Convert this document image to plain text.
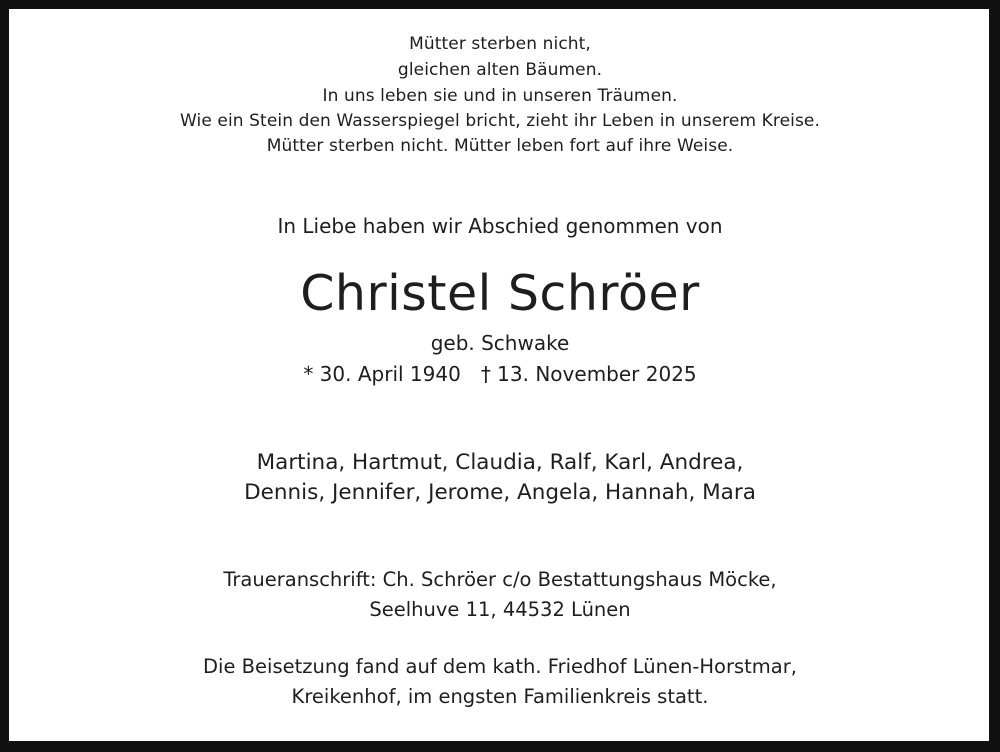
Mütter sterben nicht,

gleichen alten Bäumen.

In uns leben sie und in unseren Träumen.

Wie ein Stein den Wasserspiegel bricht, zieht ihr Leben in unserem Kreise.

Mütter sterben nicht. Mütter leben fort auf ihre Weise.

In Liebe haben wir Abschied genommen von

Christel Schröer

geb. Schwake

* 30. April 1940 † 13. November 2025

Martina, Hartmut, Claudia, Ralf, Karl, Andrea,

Dennis, Jennifer, Jerome, Angela, Hannah, Mara

Traueranschrift: Ch. Schröer c/o Bestattungshaus Möcke,

Seelhuve 11, 44532 Lünen

Die Beisetzung fand auf dem kath. Friedhof Lünen-Horstmar,

Kreikenhof, im engsten Familienkreis statt.
